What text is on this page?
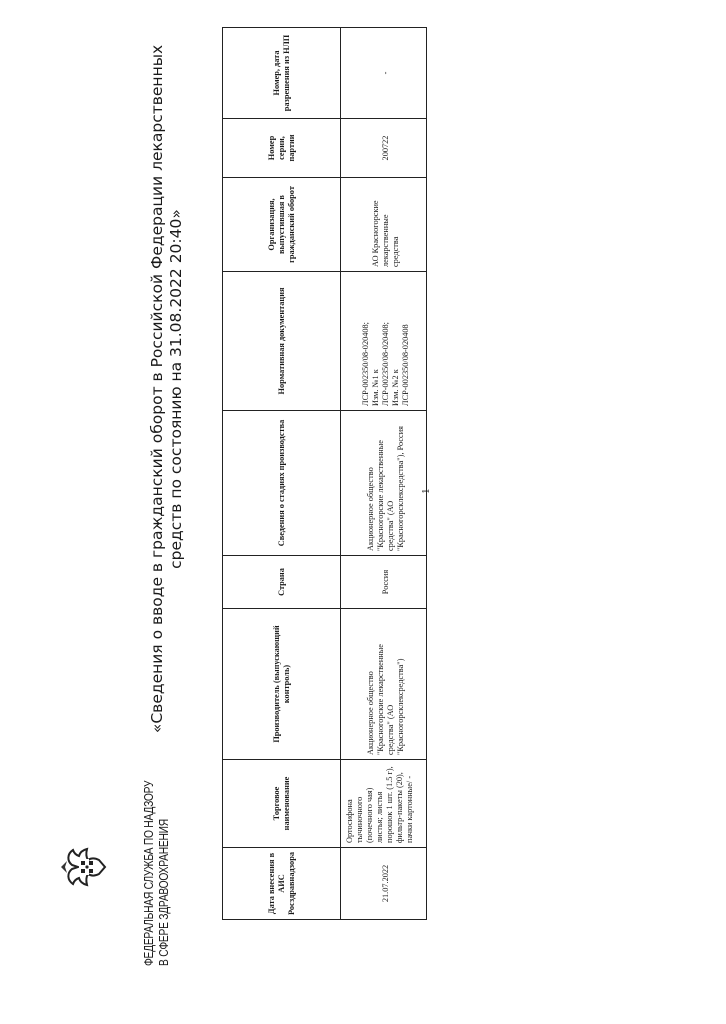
ФЕДЕРАЛЬНАЯ СЛУЖБА ПО НАДЗОРУ В СФЕРЕ ЗДРАВООХРАНЕНИЯ
«Сведения о вводе в гражданский оборот в Российской Федерации лекарственных средств по состоянию на 31.08.2022 20:40»
Дата внесения в АИС Росздравнадзора	Торговое наименование	Производитель (выпускающий контроль)	Страна	Сведения о стадиях производства	Нормативная документация	Организация, выпустившая в гражданский оборот	Номер серии, партии	Номер, дата разрешения из НЛП
21.07.2022	Ортосифона тычиночного (почечного чая) листья; листья порошок 1 шт. (1.5 г), фильтр-пакеты (20), пачки картонные/ -	Акционерное общество "Красногорские лекарственные средства" (АО "Красногорсклексредства")	Россия	Акционерное общество "Красногорские лекарственные средства" (АО "Красногорсклексредства"), Россия	ЛСР-002350/08-020408; Изм. №1 к ЛСР-002350/08-020408; Изм. №2 к ЛСР-002350/08-020408	АО Красногорские лекарственные средства	200722	-
1
